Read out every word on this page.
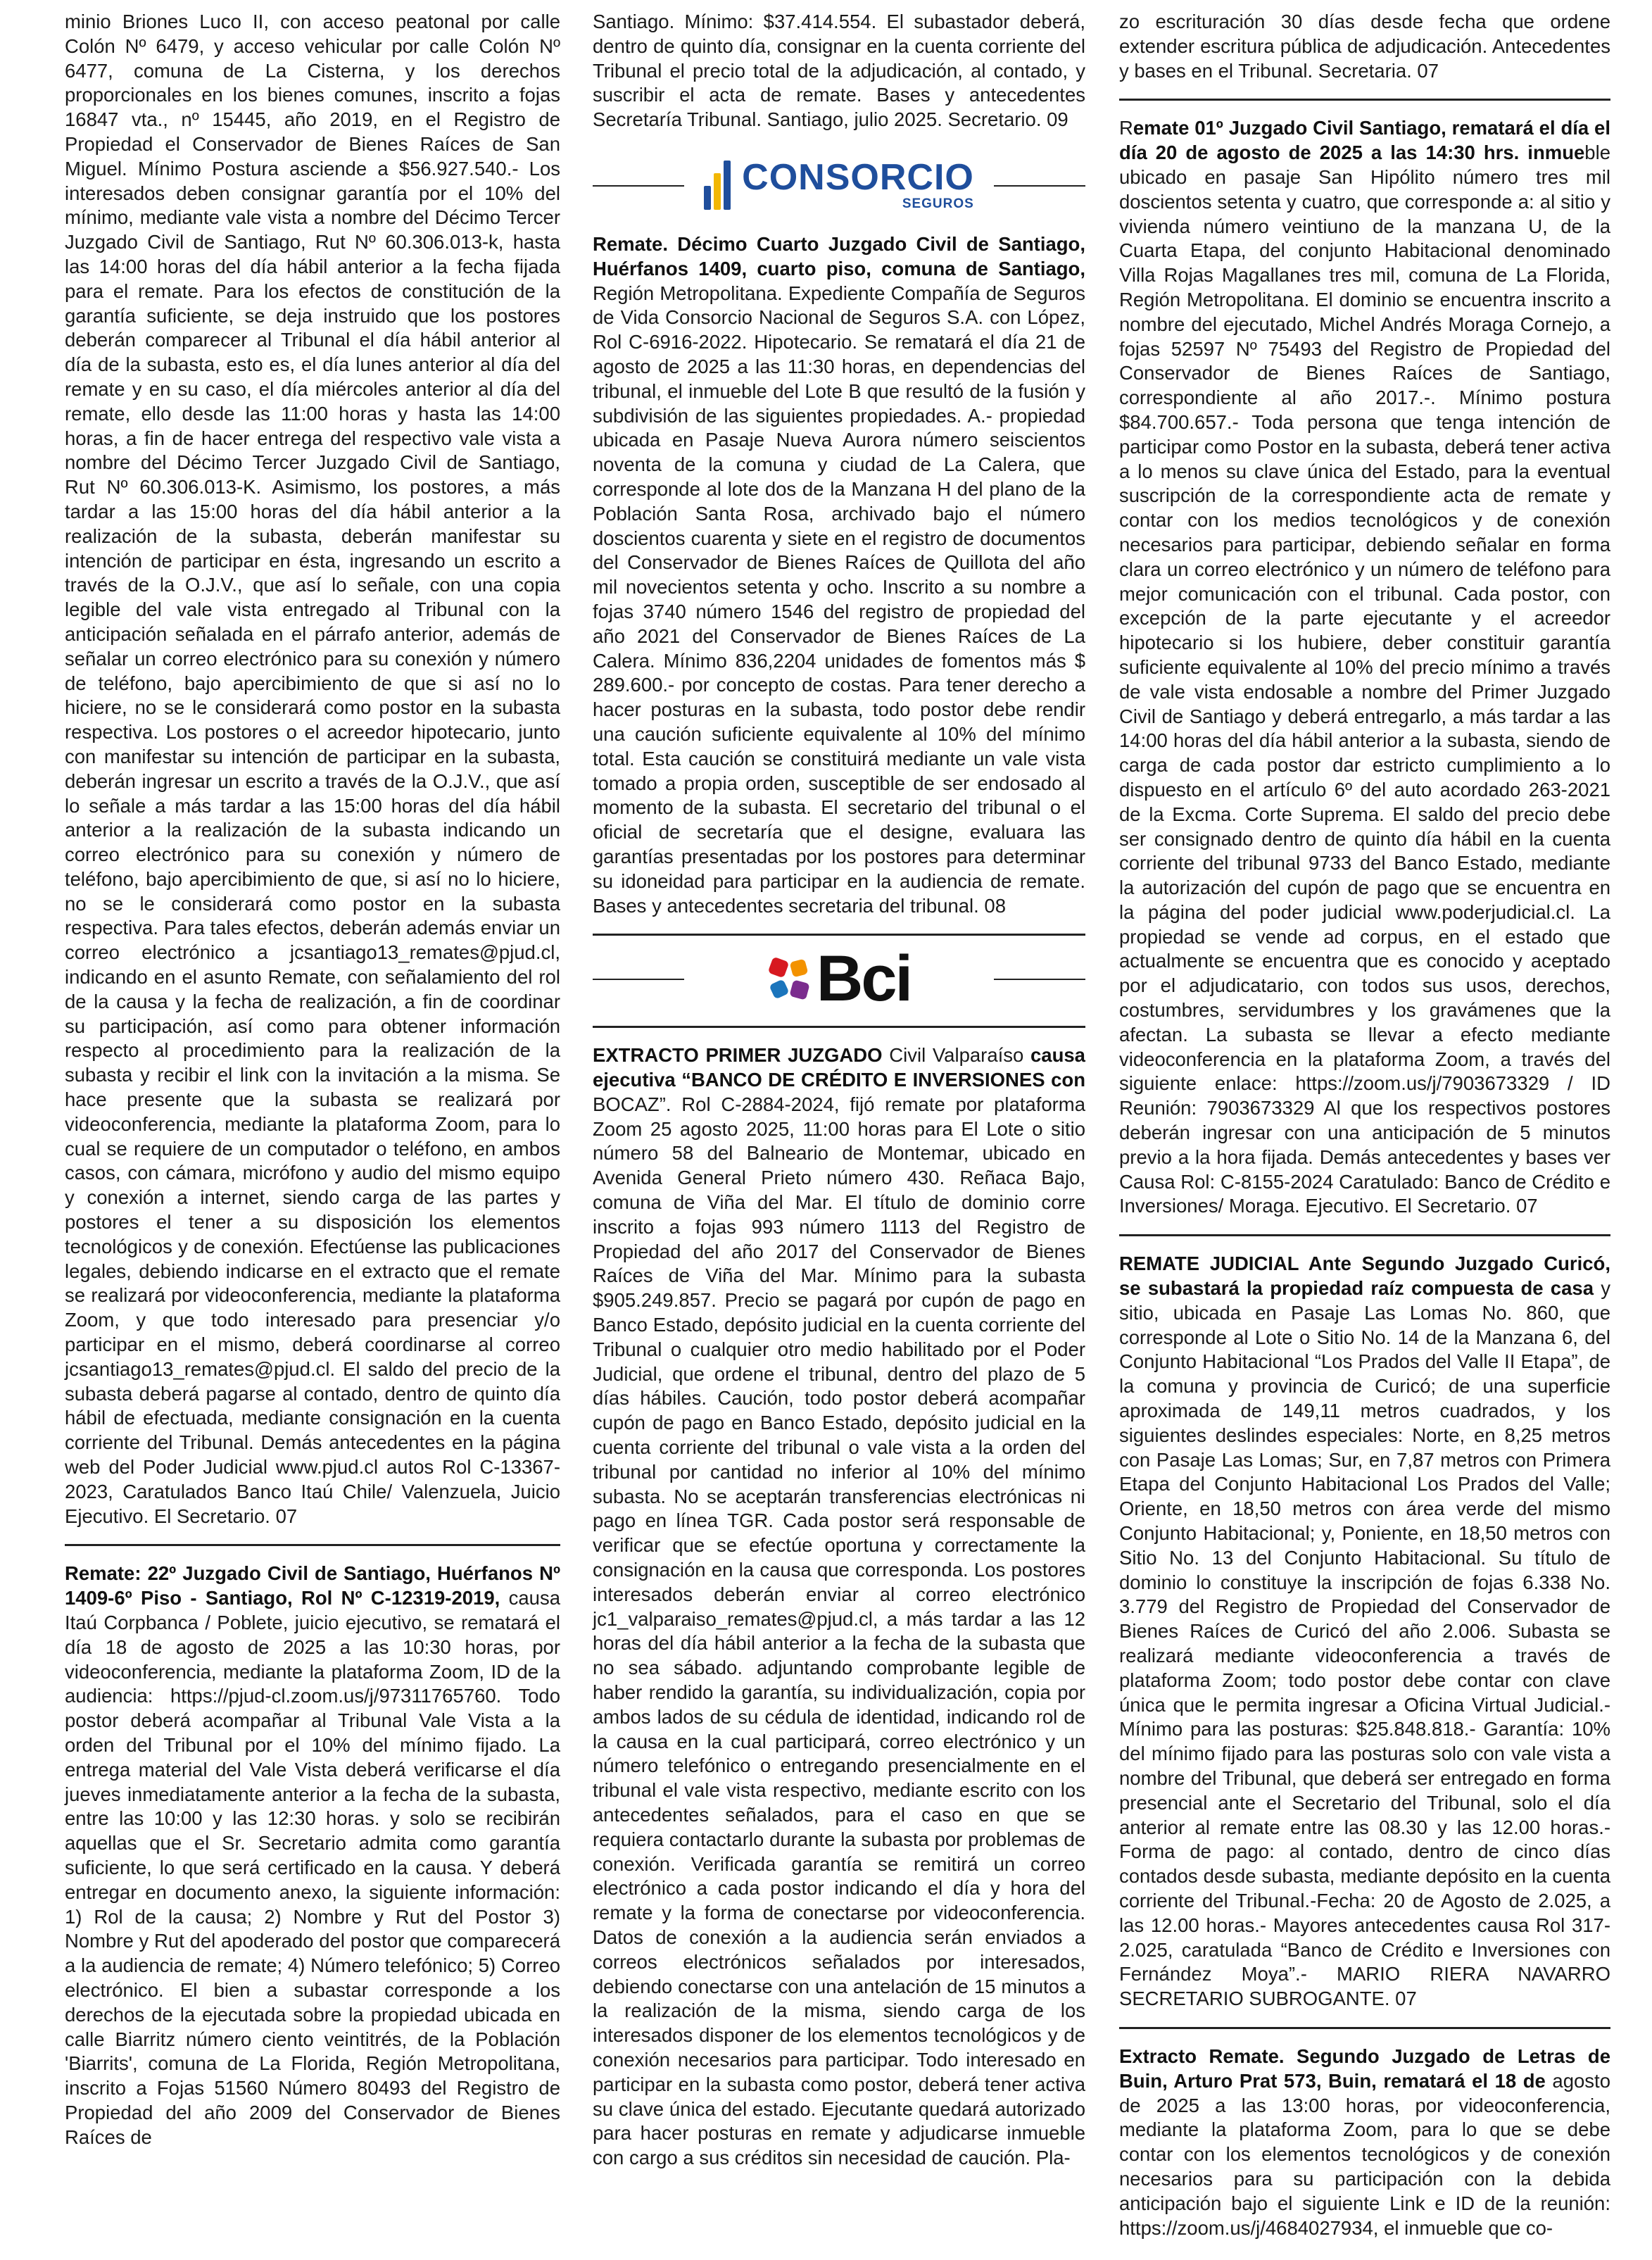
minio Briones Luco II, con acceso peatonal por calle Colón Nº 6479, y acceso vehicular por calle Colón Nº 6477, comuna de La Cisterna, y los derechos proporcionales en los bienes comunes, inscrito a fojas 16847 vta., nº 15445, año 2019, en el Registro de Propiedad el Conservador de Bienes Raíces de San Miguel. Mínimo Postura asciende a $56.927.540.- Los interesados deben consignar garantía por el 10% del mínimo, mediante vale vista a nombre del Décimo Tercer Juzgado Civil de Santiago, Rut Nº 60.306.013-k, hasta las 14:00 horas del día hábil anterior a la fecha fijada para el remate. Para los efectos de constitución de la garantía suficiente, se deja instruido que los postores deberán comparecer al Tribunal el día hábil anterior al día de la subasta, esto es, el día lunes anterior al día del remate y en su caso, el día miércoles anterior al día del remate, ello desde las 11:00 horas y hasta las 14:00 horas, a fin de hacer entrega del respectivo vale vista a nombre del Décimo Tercer Juzgado Civil de Santiago, Rut Nº 60.306.013-K. Asimismo, los postores, a más tardar a las 15:00 horas del día hábil anterior a la realización de la subasta, deberán manifestar su intención de participar en ésta, ingresando un escrito a través de la O.J.V., que así lo señale, con una copia legible del vale vista entregado al Tribunal con la anticipación señalada en el párrafo anterior, además de señalar un correo electrónico para su conexión y número de teléfono, bajo apercibimiento de que si así no lo hiciere, no se le considerará como postor en la subasta respectiva. Los postores o el acreedor hipotecario, junto con manifestar su intención de participar en la subasta, deberán ingresar un escrito a través de la O.J.V., que así lo señale a más tardar a las 15:00 horas del día hábil anterior a la realización de la subasta indicando un correo electrónico para su conexión y número de teléfono, bajo apercibimiento de que, si así no lo hiciere, no se le considerará como postor en la subasta respectiva. Para tales efectos, deberán además enviar un correo electrónico a jcsantiago13_remates@pjud.cl, indicando en el asunto Remate, con señalamiento del rol de la causa y la fecha de realización, a fin de coordinar su participación, así como para obtener información respecto al procedimiento para la realización de la subasta y recibir el link con la invitación a la misma. Se hace presente que la subasta se realizará por videoconferencia, mediante la plataforma Zoom, para lo cual se requiere de un computador o teléfono, en ambos casos, con cámara, micrófono y audio del mismo equipo y conexión a internet, siendo carga de las partes y postores el tener a su disposición los elementos tecnológicos y de conexión. Efectúense las publicaciones legales, debiendo indicarse en el extracto que el remate se realizará por videoconferencia, mediante la plataforma Zoom, y que todo interesado para presenciar y/o participar en el mismo, deberá coordinarse al correo jcsantiago13_remates@pjud.cl. El saldo del precio de la subasta deberá pagarse al contado, dentro de quinto día hábil de efectuada, mediante consignación en la cuenta corriente del Tribunal. Demás antecedentes en la página web del Poder Judicial www.pjud.cl autos Rol C-13367-2023, Caratulados Banco Itaú Chile/ Valenzuela, Juicio Ejecutivo. El Secretario. 07

Remate: 22º Juzgado Civil de Santiago, Huérfanos Nº 1409-6º Piso - Santiago, Rol Nº C-12319-2019, causa Itaú Corpbanca / Poblete, juicio ejecutivo, se rematará el día 18 de agosto de 2025 a las 10:30 horas, por videoconferencia, mediante la plataforma Zoom, ID de la audiencia: https://pjud-cl.zoom.us/j/97311765760. Todo postor deberá acompañar al Tribunal Vale Vista a la orden del Tribunal por el 10% del mínimo fijado. La entrega material del Vale Vista deberá verificarse el día jueves inmediatamente anterior a la fecha de la subasta, entre las 10:00 y las 12:30 horas. y solo se recibirán aquellas que el Sr. Secretario admita como garantía suficiente, lo que será certificado en la causa. Y deberá entregar en documento anexo, la siguiente información: 1) Rol de la causa; 2) Nombre y Rut del Postor 3) Nombre y Rut del apoderado del postor que comparecerá a la audiencia de remate; 4) Número telefónico; 5) Correo electrónico. El bien a subastar corresponde a los derechos de la ejecutada sobre la propiedad ubicada en calle Biarritz número ciento veintitrés, de la Población 'Biarrits', comuna de La Florida, Región Metropolitana, inscrito a Fojas 51560 Número 80493 del Registro de Propiedad del año 2009 del Conservador de Bienes Raíces de

Santiago. Mínimo: $37.414.554. El subastador deberá, dentro de quinto día, consignar en la cuenta corriente del Tribunal el precio total de la adjudicación, al contado, y suscribir el acta de remate. Bases y antecedentes Secretaría Tribunal. Santiago, julio 2025. Secretario. 09

CONSORCIO
SEGUROS

Remate. Décimo Cuarto Juzgado Civil de Santiago, Huérfanos 1409, cuarto piso, comuna de Santiago, Región Metropolitana. Expediente Compañía de Seguros de Vida Consorcio Nacional de Seguros S.A. con López, Rol C-6916-2022. Hipotecario. Se rematará el día 21 de agosto de 2025 a las 11:30 horas, en dependencias del tribunal, el inmueble del Lote B que resultó de la fusión y subdivisión de las siguientes propiedades. A.- propiedad ubicada en Pasaje Nueva Aurora número seiscientos noventa de la comuna y ciudad de La Calera, que corresponde al lote dos de la Manzana H del plano de la Población Santa Rosa, archivado bajo el número doscientos cuarenta y siete en el registro de documentos del Conservador de Bienes Raíces de Quillota del año mil novecientos setenta y ocho. Inscrito a su nombre a fojas 3740 número 1546 del registro de propiedad del año 2021 del Conservador de Bienes Raíces de La Calera. Mínimo 836,2204 unidades de fomentos más $ 289.600.- por concepto de costas. Para tener derecho a hacer posturas en la subasta, todo postor debe rendir una caución suficiente equivalente al 10% del mínimo total. Esta caución se constituirá mediante un vale vista tomado a propia orden, susceptible de ser endosado al momento de la subasta. El secretario del tribunal o el oficial de secretaría que el designe, evaluara las garantías presentadas por los postores para determinar su idoneidad para participar en la audiencia de remate. Bases y antecedentes secretaria del tribunal. 08

Bci

EXTRACTO PRIMER JUZGADO Civil Valparaíso causa ejecutiva “BANCO DE CRÉDITO E INVERSIONES con BOCAZ”. Rol C-2884-2024, fijó remate por plataforma Zoom 25 agosto 2025, 11:00 horas para El Lote o sitio número 58 del Balneario de Montemar, ubicado en Avenida General Prieto número 430. Reñaca Bajo, comuna de Viña del Mar. El título de dominio corre inscrito a fojas 993 número 1113 del Registro de Propiedad del año 2017 del Conservador de Bienes Raíces de Viña del Mar. Mínimo para la subasta $905.249.857. Precio se pagará por cupón de pago en Banco Estado, depósito judicial en la cuenta corriente del Tribunal o cualquier otro medio habilitado por el Poder Judicial, que ordene el tribunal, dentro del plazo de 5 días hábiles. Caución, todo postor deberá acompañar cupón de pago en Banco Estado, depósito judicial en la cuenta corriente del tribunal o vale vista a la orden del tribunal por cantidad no inferior al 10% del mínimo subasta. No se aceptarán transferencias electrónicas ni pago en línea TGR. Cada postor será responsable de verificar que se efectúe oportuna y correctamente la consignación en la causa que corresponda. Los postores interesados deberán enviar al correo electrónico jc1_valparaiso_remates@pjud.cl, a más tardar a las 12 horas del día hábil anterior a la fecha de la subasta que no sea sábado. adjuntando comprobante legible de haber rendido la garantía, su individualización, copia por ambos lados de su cédula de identidad, indicando rol de la causa en la cual participará, correo electrónico y un número telefónico o entregando presencialmente en el tribunal el vale vista respectivo, mediante escrito con los antecedentes señalados, para el caso en que se requiera contactarlo durante la subasta por problemas de conexión. Verificada garantía se remitirá un correo electrónico a cada postor indicando el día y hora del remate y la forma de conectarse por videoconferencia. Datos de conexión a la audiencia serán enviados a correos electrónicos señalados por interesados, debiendo conectarse con una antelación de 15 minutos a la realización de la misma, siendo carga de los interesados disponer de los elementos tecnológicos y de conexión necesarios para participar. Todo interesado en participar en la subasta como postor, deberá tener activa su clave única del estado. Ejecutante quedará autorizado para hacer posturas en remate y adjudicarse inmueble con cargo a sus créditos sin necesidad de caución. Pla-

zo escrituración 30 días desde fecha que ordene extender escritura pública de adjudicación. Antecedentes y bases en el Tribunal. Secretaria. 07

Remate 01º Juzgado Civil Santiago, rematará el día el día 20 de agosto de 2025 a las 14:30 hrs. inmueble ubicado en pasaje San Hipólito número tres mil doscientos setenta y cuatro, que corresponde a: al sitio y vivienda número veintiuno de la manzana U, de la Cuarta Etapa, del conjunto Habitacional denominado Villa Rojas Magallanes tres mil, comuna de La Florida, Región Metropolitana. El dominio se encuentra inscrito a nombre del ejecutado, Michel Andrés Moraga Cornejo, a fojas 52597 Nº 75493 del Registro de Propiedad del Conservador de Bienes Raíces de Santiago, correspondiente al año 2017.-. Mínimo postura $84.700.657.- Toda persona que tenga intención de participar como Postor en la subasta, deberá tener activa a lo menos su clave única del Estado, para la eventual suscripción de la correspondiente acta de remate y contar con los medios tecnológicos y de conexión necesarios para participar, debiendo señalar en forma clara un correo electrónico y un número de teléfono para mejor comunicación con el tribunal. Cada postor, con excepción de la parte ejecutante y el acreedor hipotecario si los hubiere, deber constituir garantía suficiente equivalente al 10% del precio mínimo a través de vale vista endosable a nombre del Primer Juzgado Civil de Santiago y deberá entregarlo, a más tardar a las 14:00 horas del día hábil anterior a la subasta, siendo de carga de cada postor dar estricto cumplimiento a lo dispuesto en el artículo 6º del auto acordado 263-2021 de la Excma. Corte Suprema. El saldo del precio debe ser consignado dentro de quinto día hábil en la cuenta corriente del tribunal 9733 del Banco Estado, mediante la autorización del cupón de pago que se encuentra en la página del poder judicial www.poderjudicial.cl. La propiedad se vende ad corpus, en el estado que actualmente se encuentra que es conocido y aceptado por el adjudicatario, con todos sus usos, derechos, costumbres, servidumbres y los gravámenes que la afectan. La subasta se llevar a efecto mediante videoconferencia en la plataforma Zoom, a través del siguiente enlace: https://zoom.us/j/7903673329 / ID Reunión: 7903673329 Al que los respectivos postores deberán ingresar con una anticipación de 5 minutos previo a la hora fijada. Demás antecedentes y bases ver Causa Rol: C-8155-2024 Caratulado: Banco de Crédito e Inversiones/ Moraga. Ejecutivo. El Secretario. 07

REMATE JUDICIAL Ante Segundo Juzgado Curicó, se subastará la propiedad raíz compuesta de casa y sitio, ubicada en Pasaje Las Lomas No. 860, que corresponde al Lote o Sitio No. 14 de la Manzana 6, del Conjunto Habitacional “Los Prados del Valle II Etapa”, de la comuna y provincia de Curicó; de una superficie aproximada de 149,11 metros cuadrados, y los siguientes deslindes especiales: Norte, en 8,25 metros con Pasaje Las Lomas; Sur, en 7,87 metros con Primera Etapa del Conjunto Habitacional Los Prados del Valle; Oriente, en 18,50 metros con área verde del mismo Conjunto Habitacional; y, Poniente, en 18,50 metros con Sitio No. 13 del Conjunto Habitacional. Su título de dominio lo constituye la inscripción de fojas 6.338 No. 3.779 del Registro de Propiedad del Conservador de Bienes Raíces de Curicó del año 2.006. Subasta se realizará mediante videoconferencia a través de plataforma Zoom; todo postor debe contar con clave única que le permita ingresar a Oficina Virtual Judicial.- Mínimo para las posturas: $25.848.818.- Garantía: 10% del mínimo fijado para las posturas solo con vale vista a nombre del Tribunal, que deberá ser entregado en forma presencial ante el Secretario del Tribunal, solo el día anterior al remate entre las 08.30 y las 12.00 horas.- Forma de pago: al contado, dentro de cinco días contados desde subasta, mediante depósito en la cuenta corriente del Tribunal.-Fecha: 20 de Agosto de 2.025, a las 12.00 horas.- Mayores antecedentes causa Rol 317-2.025, caratulada “Banco de Crédito e Inversiones con Fernández Moya”.- MARIO RIERA NAVARRO SECRETARIO SUBROGANTE. 07

Extracto Remate. Segundo Juzgado de Letras de Buin, Arturo Prat 573, Buin, rematará el 18 de agosto de 2025 a las 13:00 horas, por videoconferencia, mediante la plataforma Zoom, para lo que se debe contar con los elementos tecnológicos y de conexión necesarios para su participación con la debida anticipación bajo el siguiente Link e ID de la reunión: https://zoom.us/j/4684027934, el inmueble que co-
